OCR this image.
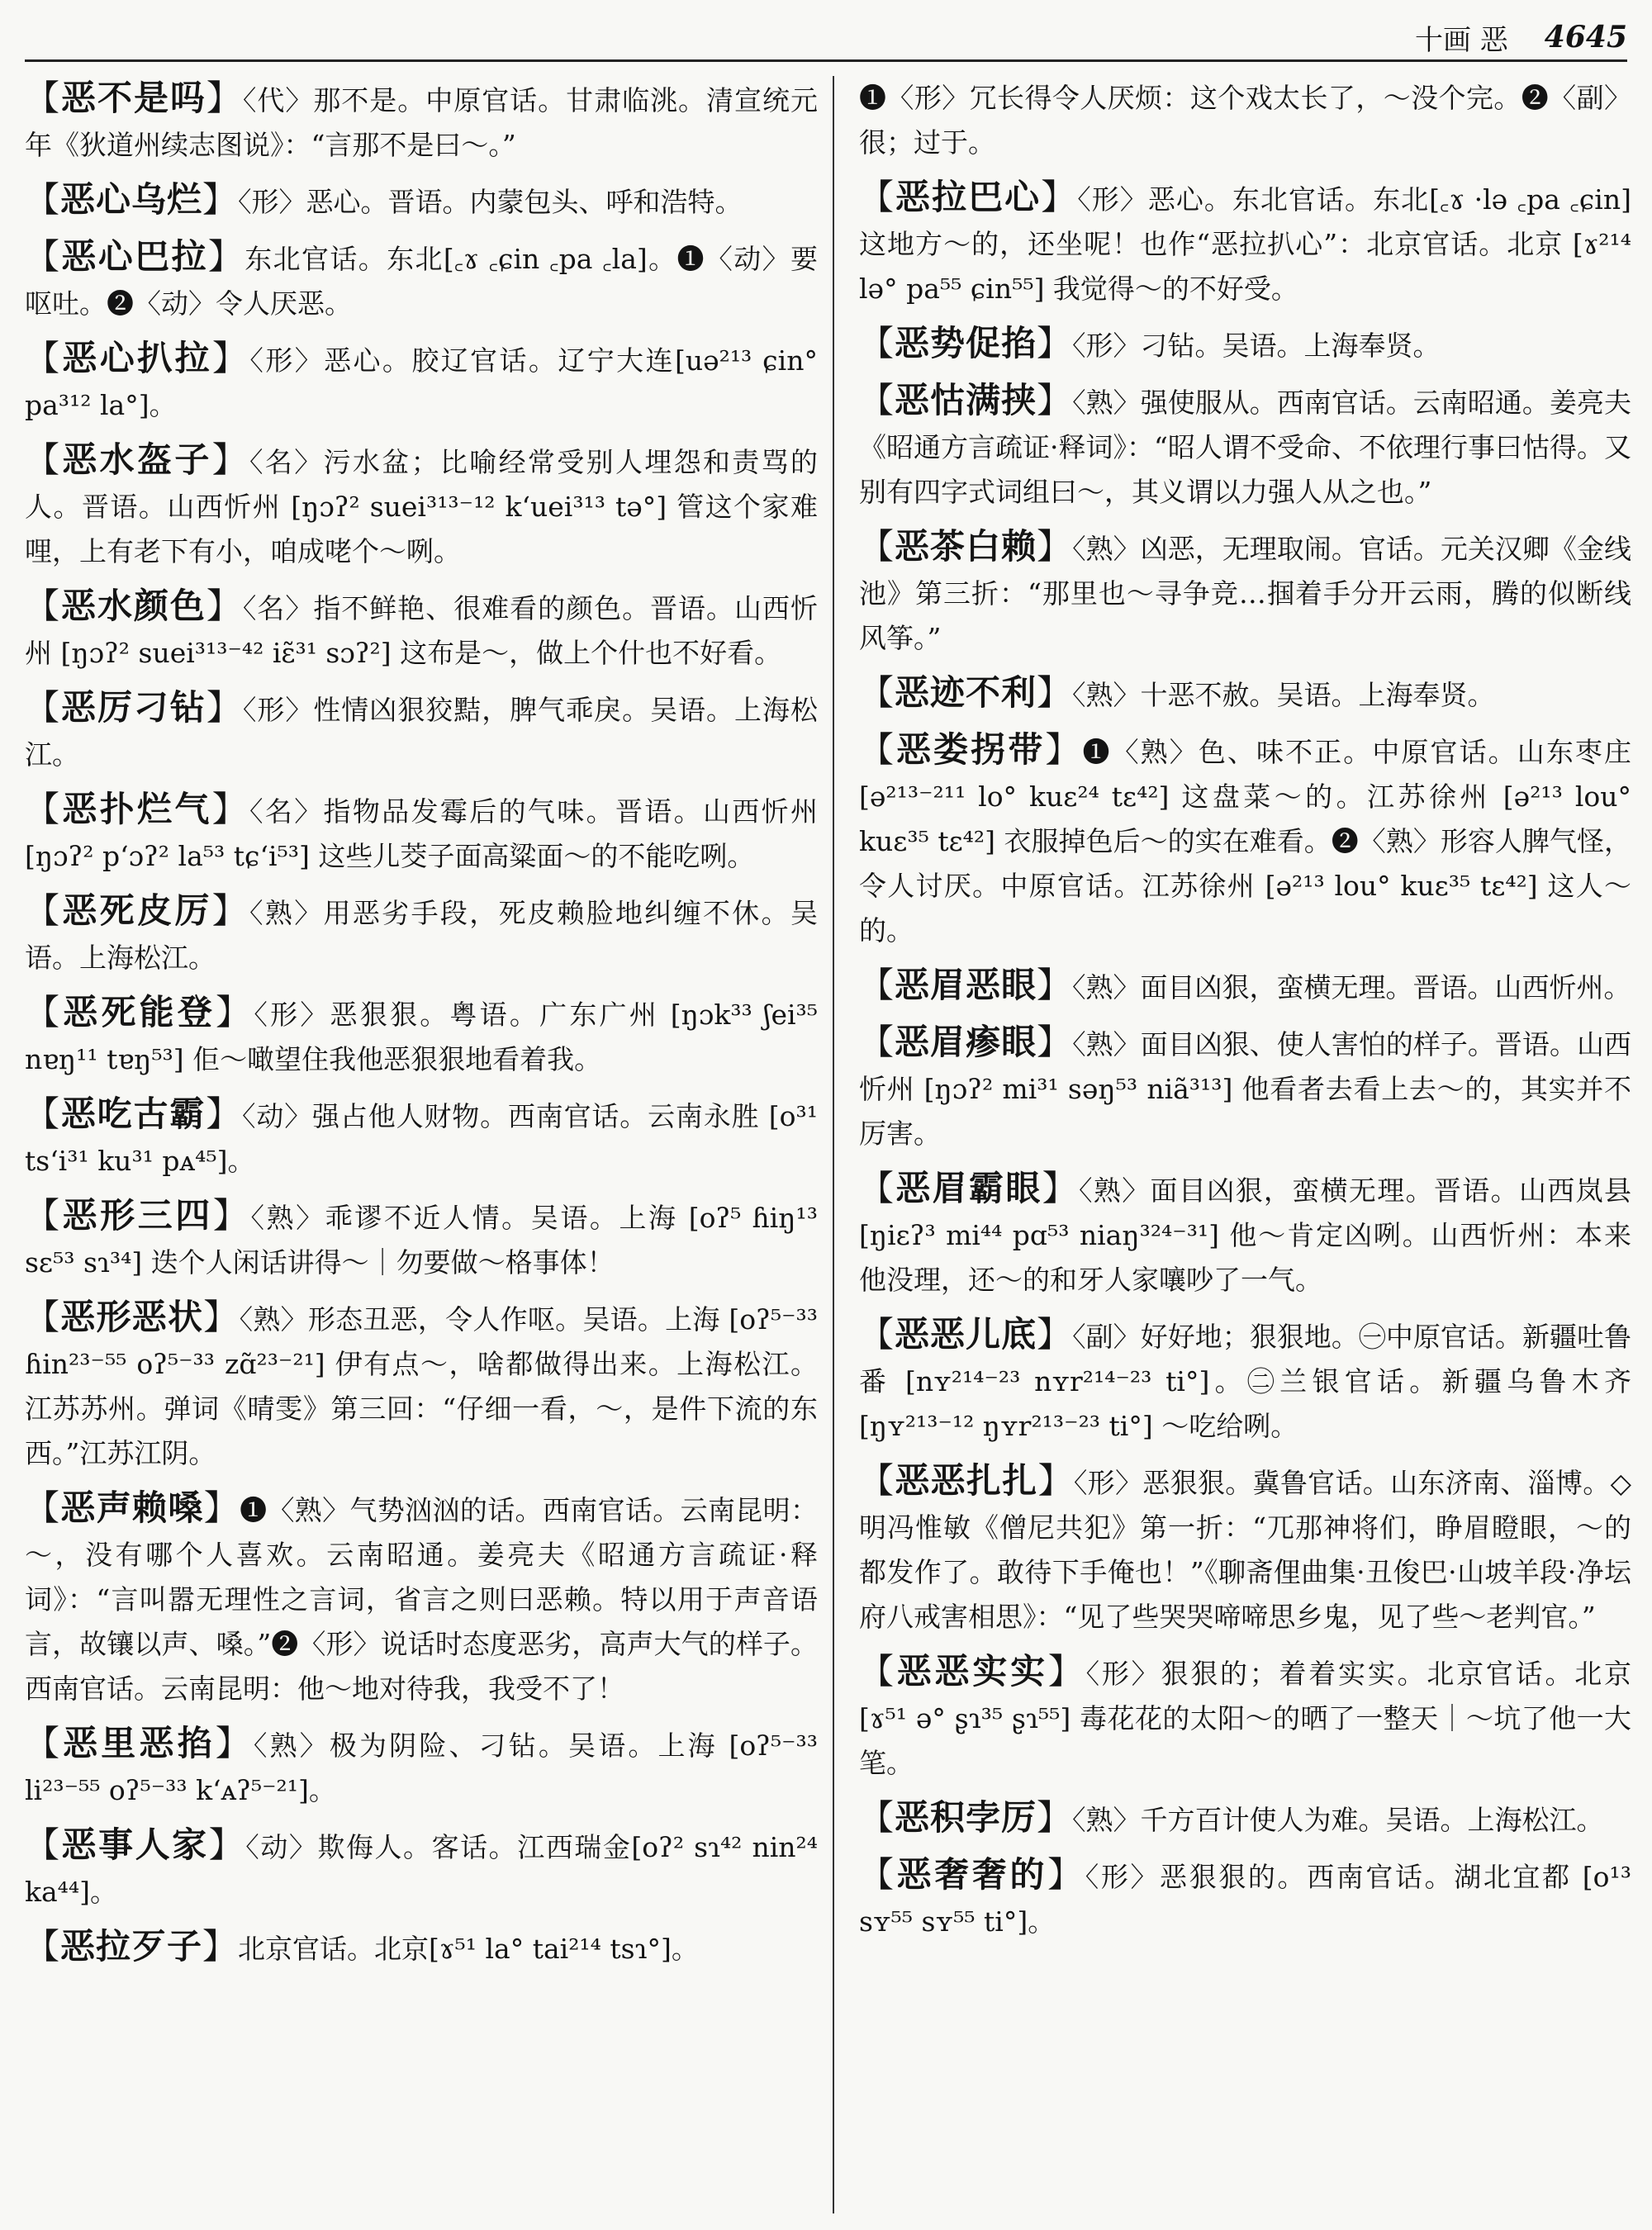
十画 恶 4645
【恶不是吗】〈代〉那不是。中原官话。甘肃临洮。清宣统元年《狄道州续志图说》：“言那不是曰～。”
【恶心乌烂】〈形〉恶心。晋语。内蒙包头、呼和浩特。
【恶心巴拉】东北官话。东北[꜀ɤ ꜀ɕin ꜀pa ꜀la]。❶〈动〉要呕吐。❷〈动〉令人厌恶。
【恶心扒拉】〈形〉恶心。胶辽官话。辽宁大连[uə²¹³ ɕin° pa³¹² la°]。
【恶水盔子】〈名〉污水盆；比喻经常受别人埋怨和责骂的人。晋语。山西忻州 [ŋɔʔ² suei³¹³⁻¹² k‘uei³¹³ tə°] 管这个家难哩，上有老下有小，咱成咾个～咧。
【恶水颜色】〈名〉指不鲜艳、很难看的颜色。晋语。山西忻州 [ŋɔʔ² suei³¹³⁻⁴² iɛ̃³¹ sɔʔ²] 这布是～，做上个什也不好看。
【恶厉刁钻】〈形〉性情凶狠狡黠，脾气乖戾。吴语。上海松江。
【恶扑烂气】〈名〉指物品发霉后的气味。晋语。山西忻州 [ŋɔʔ² p‘ɔʔ² la⁵³ tɕ‘i⁵³] 这些儿茭子面高粱面～的不能吃咧。
【恶死皮厉】〈熟〉用恶劣手段，死皮赖脸地纠缠不休。吴语。上海松江。
【恶死能登】〈形〉恶狠狠。粤语。广东广州 [ŋɔk³³ ʃei³⁵ nɐŋ¹¹ tɐŋ⁵³] 佢～噉望住我他恶狠狠地看着我。
【恶吃古霸】〈动〉强占他人财物。西南官话。云南永胜 [o³¹ ts‘i³¹ ku³¹ pᴀ⁴⁵]。
【恶形三四】〈熟〉乖谬不近人情。吴语。上海 [oʔ⁵ ɦiŋ¹³ sɛ⁵³ sɿ³⁴] 迭个人闲话讲得～｜勿要做～格事体！
【恶形恶状】〈熟〉形态丑恶，令人作呕。吴语。上海 [oʔ⁵⁻³³ ɦin²³⁻⁵⁵ oʔ⁵⁻³³ zɑ̃²³⁻²¹] 伊有点～，啥都做得出来。上海松江。江苏苏州。弹词《晴雯》第三回：“仔细一看，～，是件下流的东西。”江苏江阴。
【恶声赖嗓】❶〈熟〉气势汹汹的话。西南官话。云南昆明：～，没有哪个人喜欢。云南昭通。姜亮夫《昭通方言疏证·释词》：“言叫嚣无理性之言词，省言之则曰恶赖。特以用于声音语言，故镶以声、嗓。”❷〈形〉说话时态度恶劣，高声大气的样子。西南官话。云南昆明：他～地对待我，我受不了！
【恶里恶掐】〈熟〉极为阴险、刁钻。吴语。上海 [oʔ⁵⁻³³ li²³⁻⁵⁵ oʔ⁵⁻³³ k‘ᴀʔ⁵⁻²¹]。
【恶事人家】〈动〉欺侮人。客话。江西瑞金[oʔ² sɿ⁴² nin²⁴ ka⁴⁴]。
【恶拉歹子】北京官话。北京[ɤ⁵¹ la° tai²¹⁴ tsɿ°]。
❶〈形〉冗长得令人厌烦：这个戏太长了，～没个完。❷〈副〉很；过于。
【恶拉巴心】〈形〉恶心。东北官话。东北[꜀ɤ ·lə ꜀pa ꜀ɕin] 这地方～的，还坐呢！也作“恶拉扒心”：北京官话。北京 [ɤ²¹⁴ lə° pa⁵⁵ ɕin⁵⁵] 我觉得～的不好受。
【恶势促掐】〈形〉刁钻。吴语。上海奉贤。
【恶怙满挟】〈熟〉强使服从。西南官话。云南昭通。姜亮夫《昭通方言疏证·释词》：“昭人谓不受命、不依理行事曰怙得。又别有四字式词组曰～，其义谓以力强人从之也。”
【恶茶白赖】〈熟〉凶恶，无理取闹。官话。元关汉卿《金线池》第三折：“那里也～寻争竞…掴着手分开云雨，腾的似断线风筝。”
【恶迹不利】〈熟〉十恶不赦。吴语。上海奉贤。
【恶娄拐带】❶〈熟〉色、味不正。中原官话。山东枣庄 [ə²¹³⁻²¹¹ lo° kuɛ²⁴ tɛ⁴²] 这盘菜～的。江苏徐州 [ə²¹³ lou° kuɛ³⁵ tɛ⁴²] 衣服掉色后～的实在难看。❷〈熟〉形容人脾气怪，令人讨厌。中原官话。江苏徐州 [ə²¹³ lou° kuɛ³⁵ tɛ⁴²] 这人～的。
【恶眉恶眼】〈熟〉面目凶狠，蛮横无理。晋语。山西忻州。
【恶眉瘆眼】〈熟〉面目凶狠、使人害怕的样子。晋语。山西忻州 [ŋɔʔ² mi³¹ səŋ⁵³ niã³¹³] 他看者去看上去～的，其实并不厉害。
【恶眉霸眼】〈熟〉面目凶狠，蛮横无理。晋语。山西岚县 [ŋiɛʔ³ mi⁴⁴ pɑ⁵³ niaŋ³²⁴⁻³¹] 他～肯定凶咧。山西忻州：本来他没理，还～的和牙人家嚷吵了一气。
【恶恶儿底】〈副〉好好地；狠狠地。㊀中原官话。新疆吐鲁番 [nʏ²¹⁴⁻²³ nʏr²¹⁴⁻²³ ti°]。㊁兰银官话。新疆乌鲁木齐 [ŋʏ²¹³⁻¹² ŋʏr²¹³⁻²³ ti°] ～吃给咧。
【恶恶扎扎】〈形〉恶狠狠。冀鲁官话。山东济南、淄博。◇明冯惟敏《僧尼共犯》第一折：“兀那神将们，睁眉瞪眼，～的都发作了。敢待下手俺也！”《聊斋俚曲集·丑俊巴·山坡羊段·净坛府八戒害相思》：“见了些哭哭啼啼思乡鬼，见了些～老判官。”
【恶恶实实】〈形〉狠狠的；着着实实。北京官话。北京 [ɤ⁵¹ ə° ʂɿ³⁵ ʂɿ⁵⁵] 毒花花的太阳～的晒了一整天｜～坑了他一大笔。
【恶积孛厉】〈熟〉千方百计使人为难。吴语。上海松江。
【恶奢奢的】〈形〉恶狠狠的。西南官话。湖北宜都 [o¹³ sʏ⁵⁵ sʏ⁵⁵ ti°]。
